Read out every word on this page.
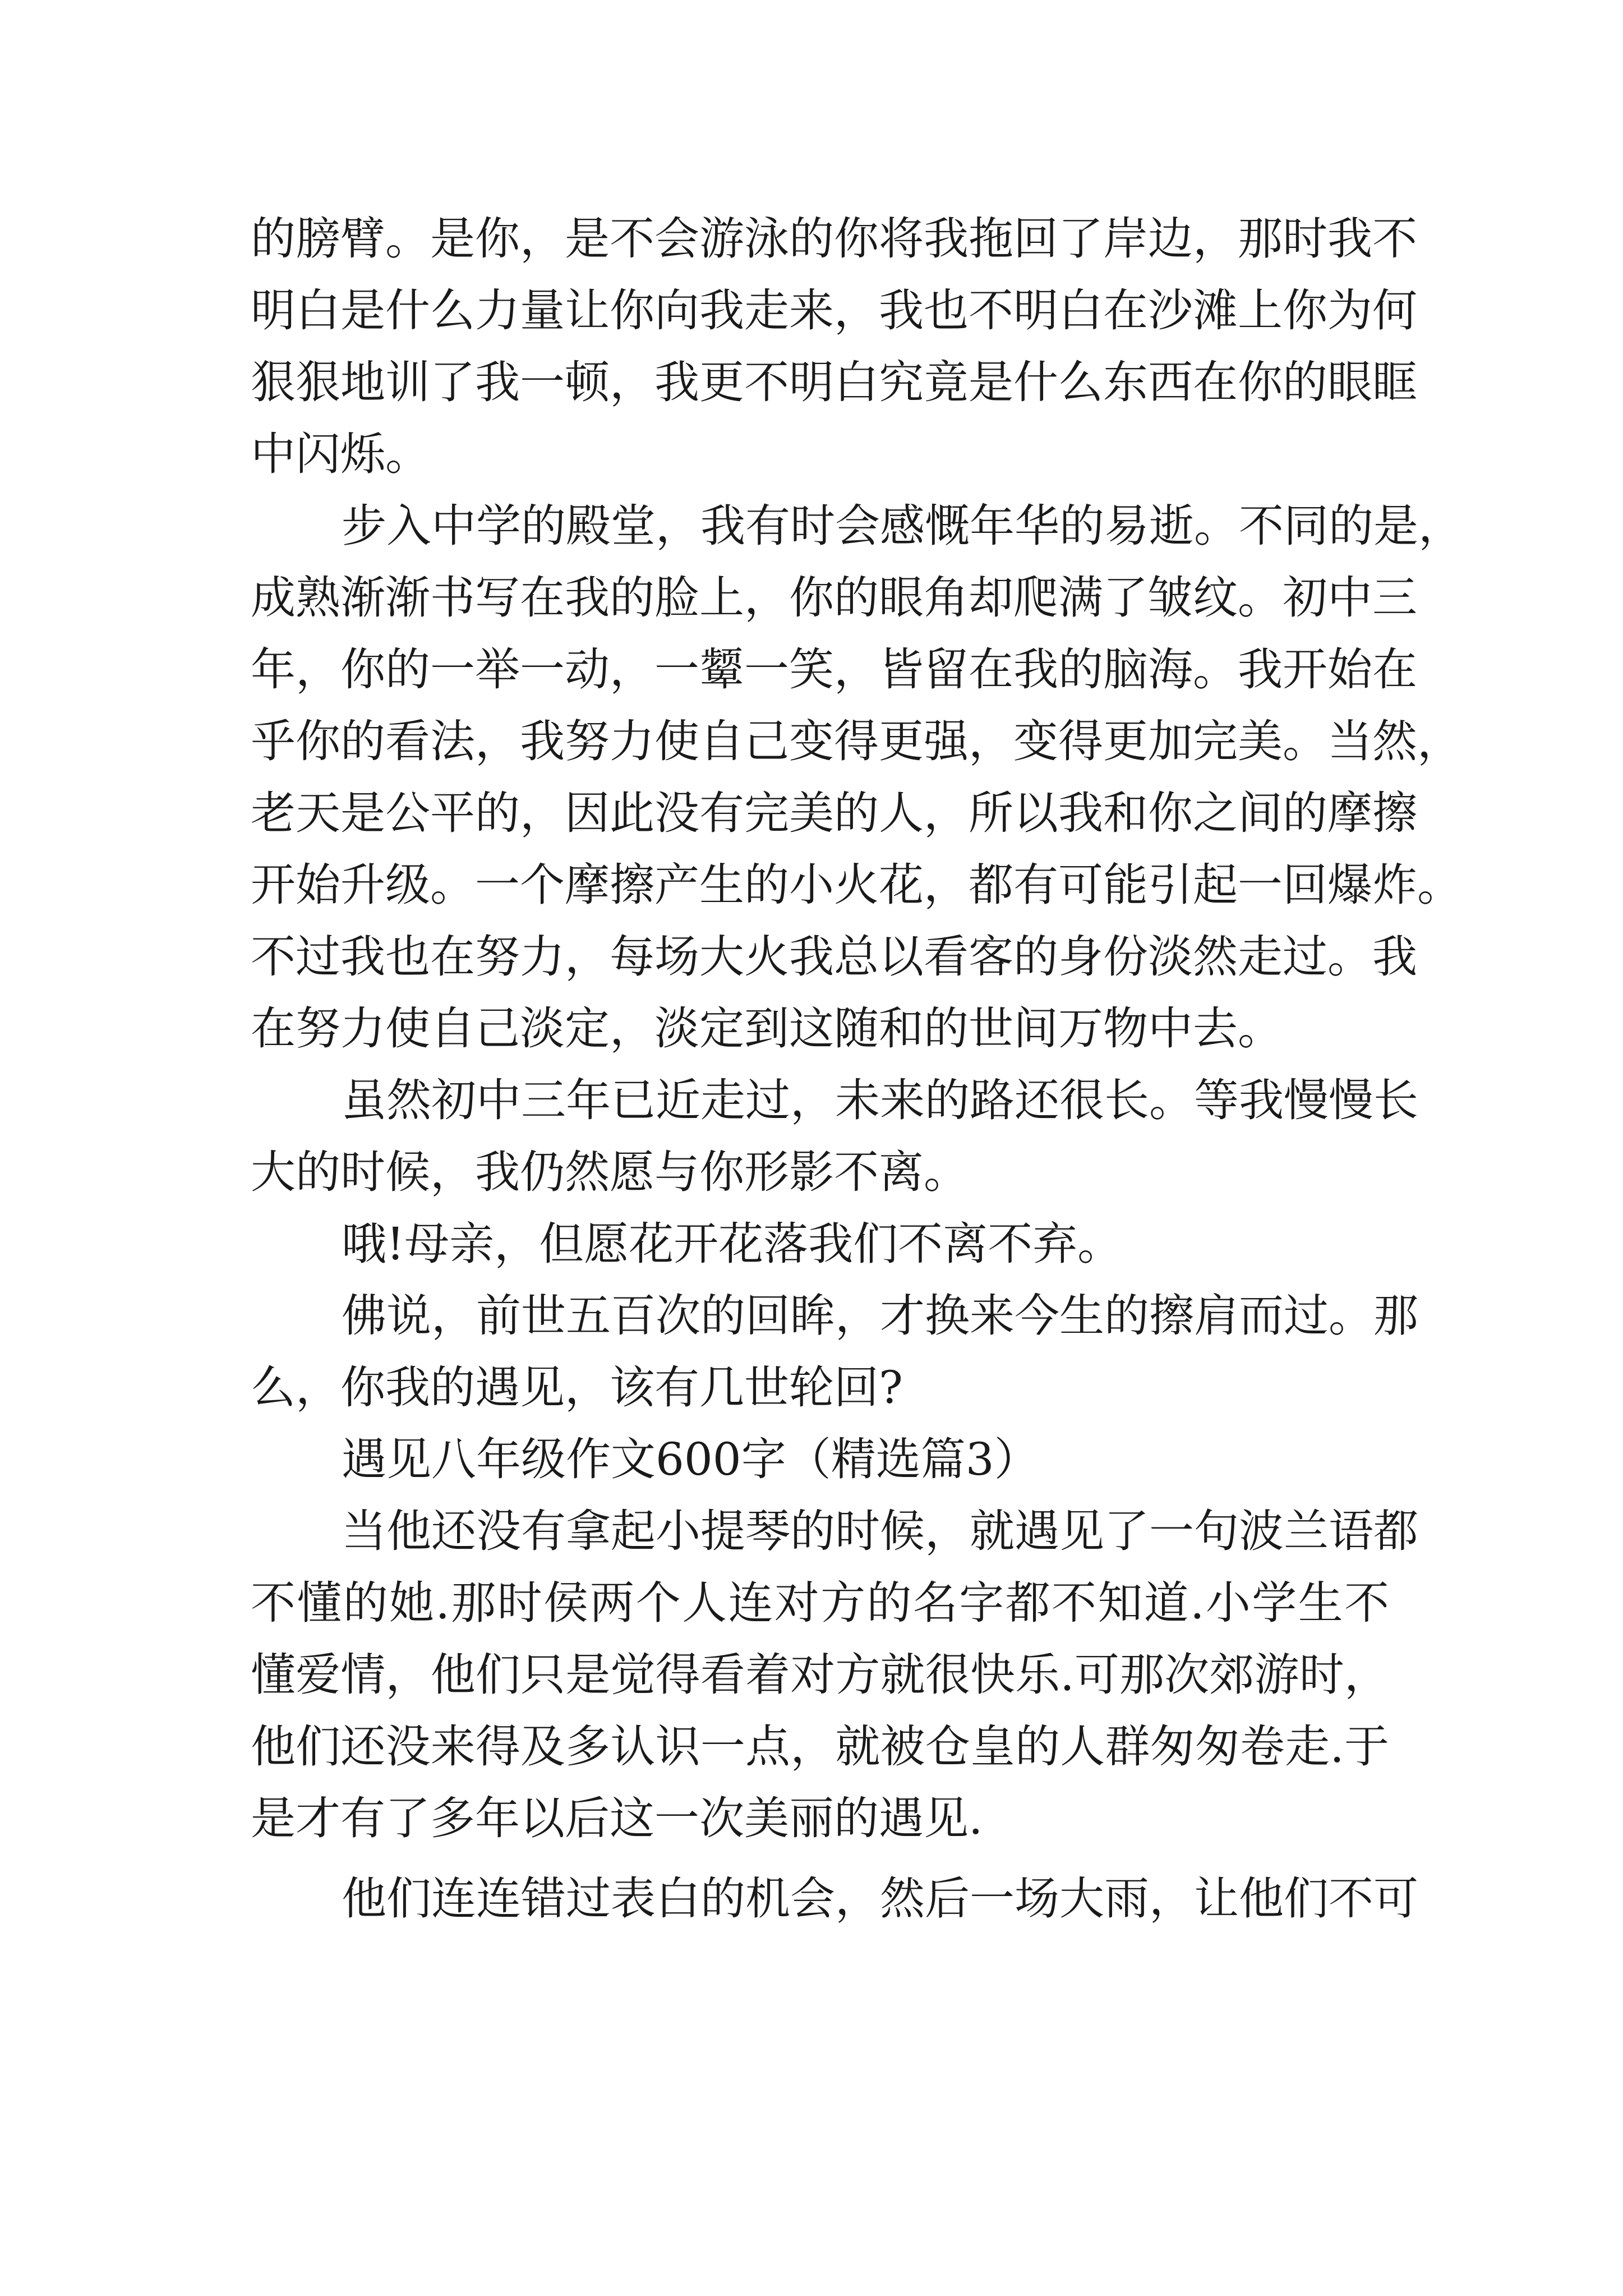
的膀臂。是你，是不会游泳的你将我拖回了岸边，那时我不
明白是什么力量让你向我走来，我也不明白在沙滩上你为何
狠狠地训了我一顿，我更不明白究竟是什么东西在你的眼眶
中闪烁。
步入中学的殿堂，我有时会感慨年华的易逝。不同的是，
成熟渐渐书写在我的脸上，你的眼角却爬满了皱纹。初中三
年，你的一举一动，一颦一笑，皆留在我的脑海。我开始在
乎你的看法，我努力使自己变得更强，变得更加完美。当然，
老天是公平的，因此没有完美的人，所以我和你之间的摩擦
开始升级。一个摩擦产生的小火花，都有可能引起一回爆炸。
不过我也在努力，每场大火我总以看客的身份淡然走过。我
在努力使自己淡定，淡定到这随和的世间万物中去。
虽然初中三年已近走过，未来的路还很长。等我慢慢长
大的时候，我仍然愿与你形影不离。
哦!母亲，但愿花开花落我们不离不弃。
佛说，前世五百次的回眸，才换来今生的擦肩而过。那
么，你我的遇见，该有几世轮回?
遇见八年级作文600字（精选篇3）
当他还没有拿起小提琴的时候，就遇见了一句波兰语都
不懂的她.那时侯两个人连对方的名字都不知道.小学生不
懂爱情，他们只是觉得看着对方就很快乐.可那次郊游时，
他们还没来得及多认识一点，就被仓皇的人群匆匆卷走.于
是才有了多年以后这一次美丽的遇见.
他们连连错过表白的机会，然后一场大雨，让他们不可
